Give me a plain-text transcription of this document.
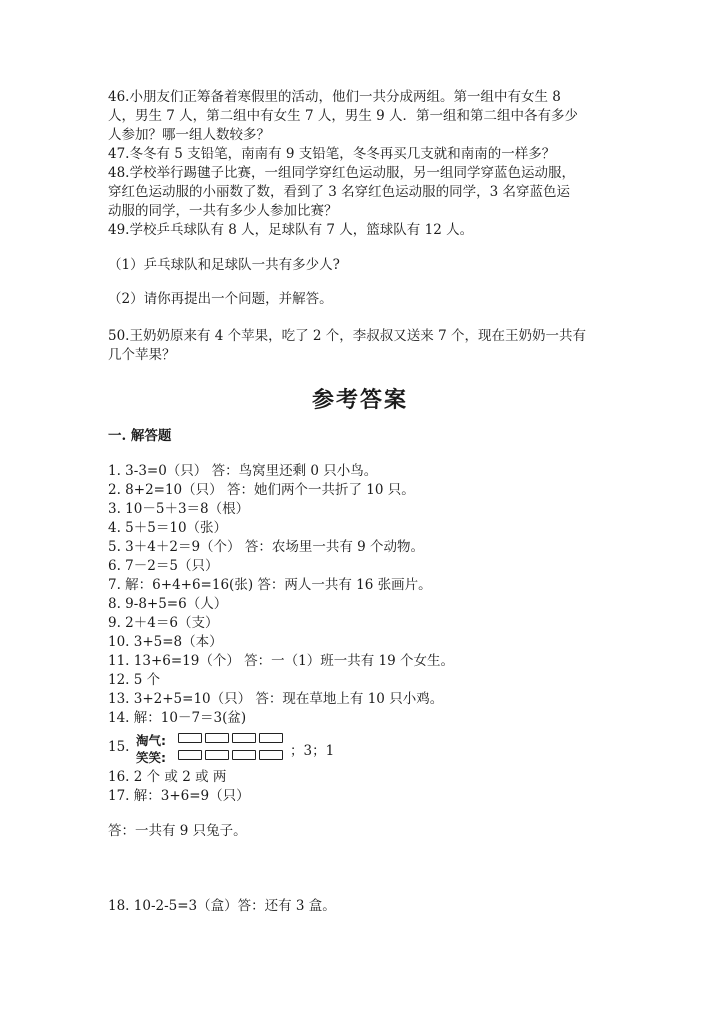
46.小朋友们正筹备着寒假里的活动，他们一共分成两组。第一组中有女生 8
人，男生 7 人，第二组中有女生 7 人，男生 9 人．第一组和第二组中各有多少
人参加？哪一组人数较多？
47.冬冬有 5 支铅笔，南南有 9 支铅笔，冬冬再买几支就和南南的一样多？
48.学校举行踢毽子比赛，一组同学穿红色运动服，另一组同学穿蓝色运动服，
穿红色运动服的小丽数了数，看到了 3 名穿红色运动服的同学，3 名穿蓝色运
动服的同学，一共有多少人参加比赛？
49.学校乒乓球队有 8 人，足球队有 7 人，篮球队有 12 人。
（1）乒乓球队和足球队一共有多少人?
（2）请你再提出一个问题，并解答。
50.王奶奶原来有 4 个苹果，吃了 2 个，李叔叔又送来 7 个，现在王奶奶一共有
几个苹果？
参考答案
一. 解答题
1. 3-3=0（只） 答：鸟窝里还剩 0 只小鸟。
2. 8+2=10（只） 答：她们两个一共折了 10 只。
3. 10－5＋3＝8（根）
4. 5＋5＝10（张）
5. 3＋4＋2＝9（个） 答：农场里一共有 9 个动物。
6. 7－2＝5（只）
7. 解：6+4+6=16(张) 答：两人一共有 16 张画片。
8. 9-8+5=6（人）
9. 2＋4＝6（支）
10. 3+5=8（本）
11. 13+6=19（个） 答：一（1）班一共有 19 个女生。
12. 5 个
13. 3+2+5=10（只） 答：现在草地上有 10 只小鸡。
14. 解：10－7＝3(盆)
15. 淘气:
笑笑:	；3；1
16. 2 个 或 2 或 两
17. 解：3+6=9（只）
答：一共有 9 只兔子。
18. 10-2-5=3（盒）答：还有 3 盒。
